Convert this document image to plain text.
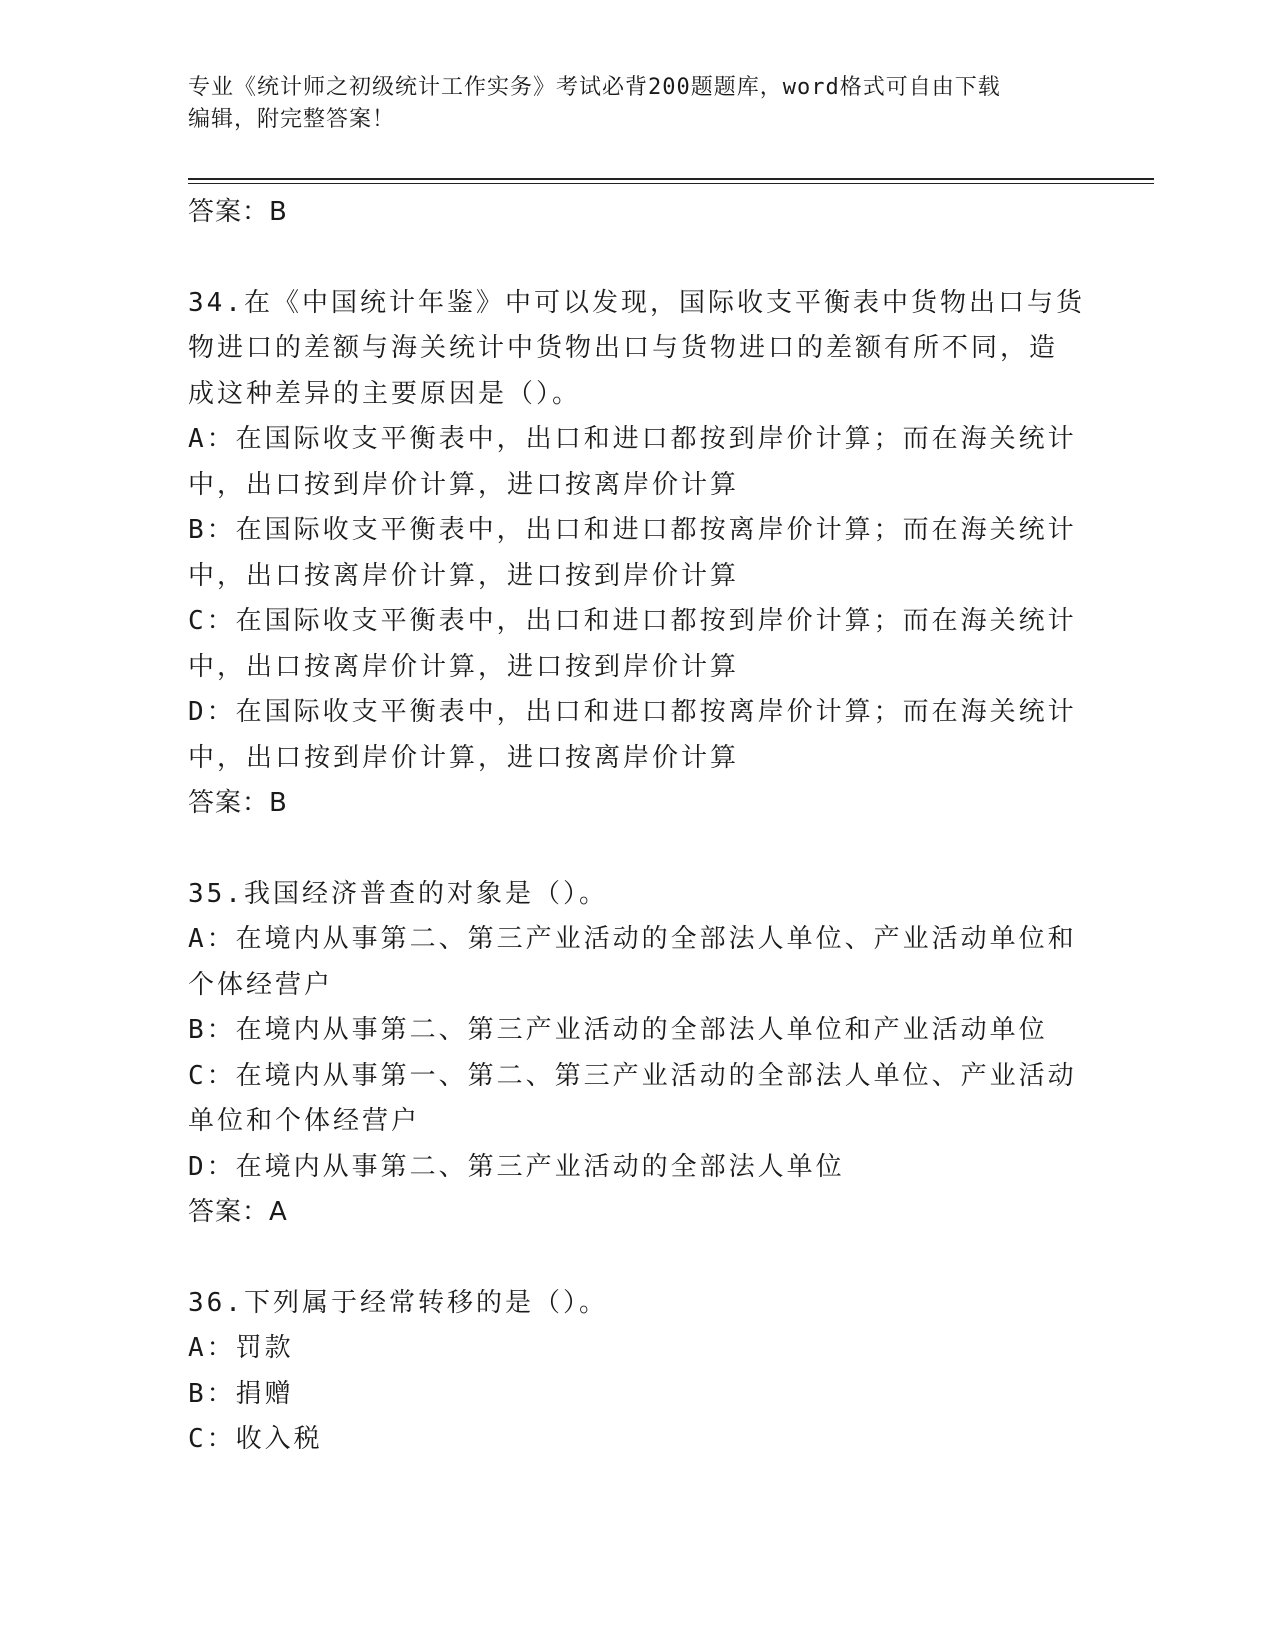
专业《统计师之初级统计工作实务》考试必背200题题库，word格式可自由下载
编辑，附完整答案！
答案：B
34.在《中国统计年鉴》中可以发现，国际收支平衡表中货物出口与货
物进口的差额与海关统计中货物出口与货物进口的差额有所不同，造
成这种差异的主要原因是（）。
A：在国际收支平衡表中，出口和进口都按到岸价计算；而在海关统计
中，出口按到岸价计算，进口按离岸价计算
B：在国际收支平衡表中，出口和进口都按离岸价计算；而在海关统计
中，出口按离岸价计算，进口按到岸价计算
C：在国际收支平衡表中，出口和进口都按到岸价计算；而在海关统计
中，出口按离岸价计算，进口按到岸价计算
D：在国际收支平衡表中，出口和进口都按离岸价计算；而在海关统计
中，出口按到岸价计算，进口按离岸价计算
答案：B
35.我国经济普查的对象是（）。
A：在境内从事第二、第三产业活动的全部法人单位、产业活动单位和
个体经营户
B：在境内从事第二、第三产业活动的全部法人单位和产业活动单位
C：在境内从事第一、第二、第三产业活动的全部法人单位、产业活动
单位和个体经营户
D：在境内从事第二、第三产业活动的全部法人单位
答案：A
36.下列属于经常转移的是（）。
A：罚款
B：捐赠
C：收入税
